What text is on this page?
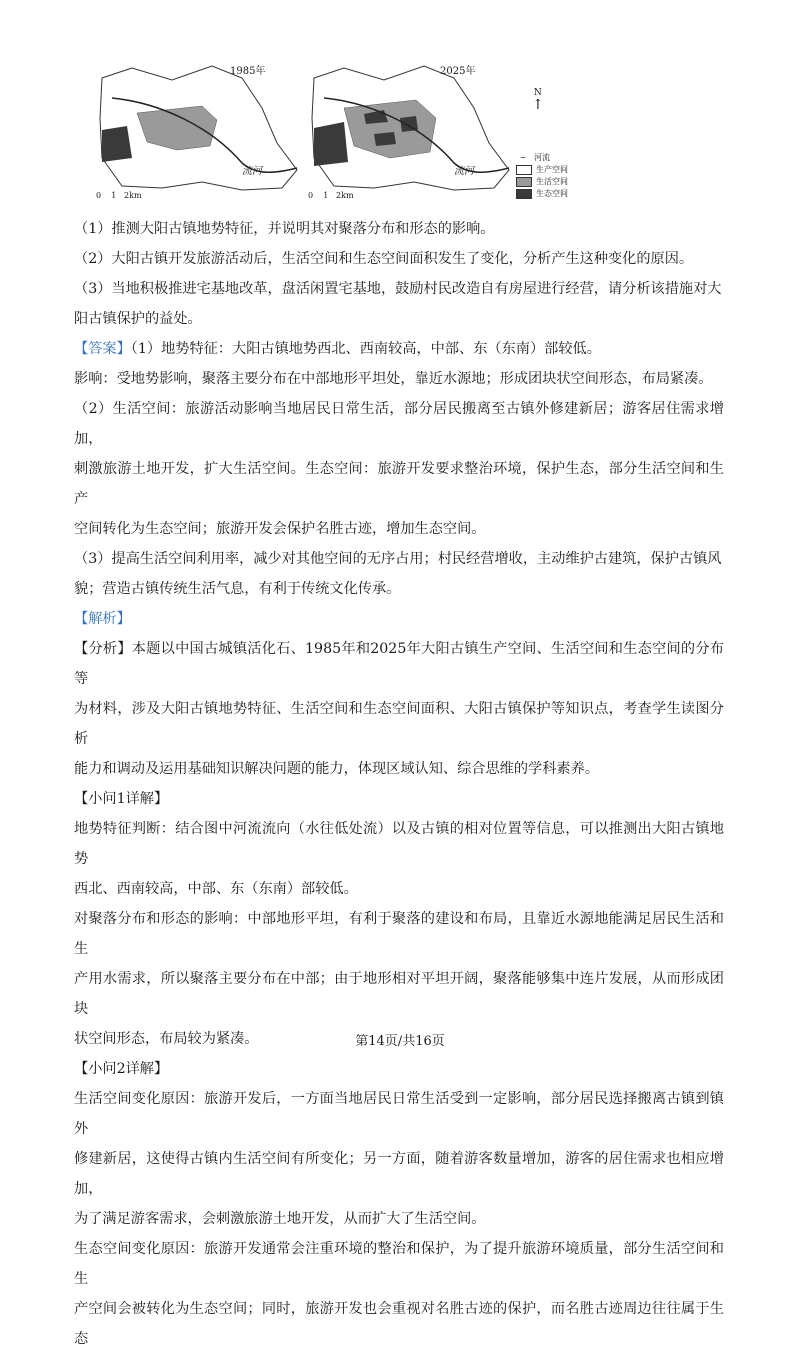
1985年
流河
0 1 2km
2025年
流河
0 1 2km
N
↑
~ 河流
生产空间
生活空间
生态空间

（1）推测大阳古镇地势特征，并说明其对聚落分布和形态的影响。

（2）大阳古镇开发旅游活动后，生活空间和生态空间面积发生了变化，分析产生这种变化的原因。

（3）当地积极推进宅基地改革，盘活闲置宅基地，鼓励村民改造自有房屋进行经营，请分析该措施对大

阳古镇保护的益处。

【答案】（1）地势特征：大阳古镇地势西北、西南较高，中部、东（东南）部较低。

影响：受地势影响，聚落主要分布在中部地形平坦处，靠近水源地；形成团块状空间形态，布局紧凑。

（2）生活空间：旅游活动影响当地居民日常生活，部分居民搬离至古镇外修建新居；游客居住需求增加，

刺激旅游土地开发，扩大生活空间。生态空间：旅游开发要求整治环境，保护生态，部分生活空间和生产

空间转化为生态空间；旅游开发会保护名胜古迹，增加生态空间。

（3）提高生活空间利用率，减少对其他空间的无序占用；村民经营增收，主动维护古建筑，保护古镇风

貌；营造古镇传统生活气息，有利于传统文化传承。

【解析】

【分析】本题以中国古城镇活化石、1985年和2025年大阳古镇生产空间、生活空间和生态空间的分布等

为材料，涉及大阳古镇地势特征、生活空间和生态空间面积、大阳古镇保护等知识点，考查学生读图分析

能力和调动及运用基础知识解决问题的能力，体现区域认知、综合思维的学科素养。

【小问1详解】

地势特征判断：结合图中河流流向（水往低处流）以及古镇的相对位置等信息，可以推测出大阳古镇地势

西北、西南较高，中部、东（东南）部较低。

对聚落分布和形态的影响：中部地形平坦，有利于聚落的建设和布局，且靠近水源地能满足居民生活和生

产用水需求，所以聚落主要分布在中部；由于地形相对平坦开阔，聚落能够集中连片发展，从而形成团块

状空间形态，布局较为紧凑。

【小问2详解】

生活空间变化原因：旅游开发后，一方面当地居民日常生活受到一定影响，部分居民选择搬离古镇到镇外

修建新居，这使得古镇内生活空间有所变化；另一方面，随着游客数量增加，游客的居住需求也相应增加，

为了满足游客需求，会刺激旅游土地开发，从而扩大了生活空间。

生态空间变化原因：旅游开发通常会注重环境的整治和保护，为了提升旅游环境质量，部分生活空间和生

产空间会被转化为生态空间；同时，旅游开发也会重视对名胜古迹的保护，而名胜古迹周边往往属于生态

第14页/共16页
